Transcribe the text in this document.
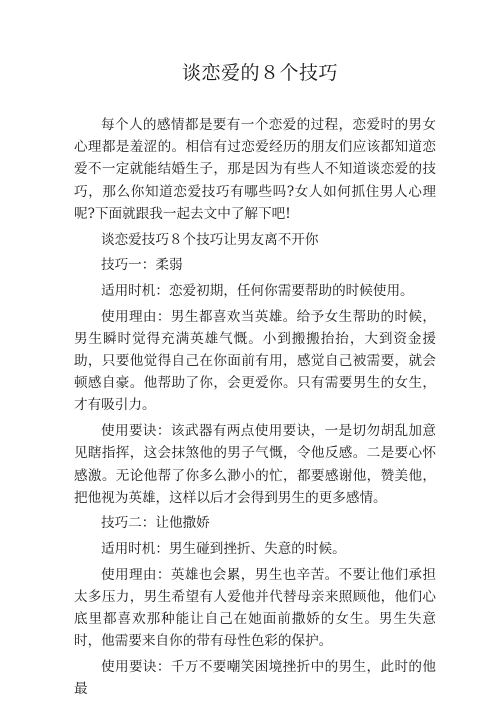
谈恋爱的８个技巧

每个人的感情都是要有一个恋爱的过程，恋爱时的男女心理都是羞涩的。相信有过恋爱经历的朋友们应该都知道恋爱不一定就能结婚生子，那是因为有些人不知道谈恋爱的技巧，那么你知道恋爱技巧有哪些吗?女人如何抓住男人心理呢?下面就跟我一起去文中了解下吧!

谈恋爱技巧８个技巧让男友离不开你

技巧一：柔弱

适用时机：恋爱初期，任何你需要帮助的时候使用。

使用理由：男生都喜欢当英雄。给予女生帮助的时候，男生瞬时觉得充满英雄气慨。小到搬搬抬抬，大到资金援助，只要他觉得自己在你面前有用，感觉自己被需要，就会顿感自豪。他帮助了你，会更爱你。只有需要男生的女生，才有吸引力。

使用要诀：该武器有两点使用要诀，一是切勿胡乱加意见瞎指挥，这会抹煞他的男子气慨，令他反感。二是要心怀感激。无论他帮了你多么渺小的忙，都要感谢他，赞美他，把他视为英雄，这样以后才会得到男生的更多感情。

技巧二：让他撒娇

适用时机：男生碰到挫折、失意的时候。

使用理由：英雄也会累，男生也辛苦。不要让他们承担太多压力，男生希望有人爱他并代替母亲来照顾他，他们心底里都喜欢那种能让自己在她面前撒娇的女生。男生失意时，他需要来自你的带有母性色彩的保护。

使用要诀：千万不要嘲笑困境挫折中的男生，此时的他最
